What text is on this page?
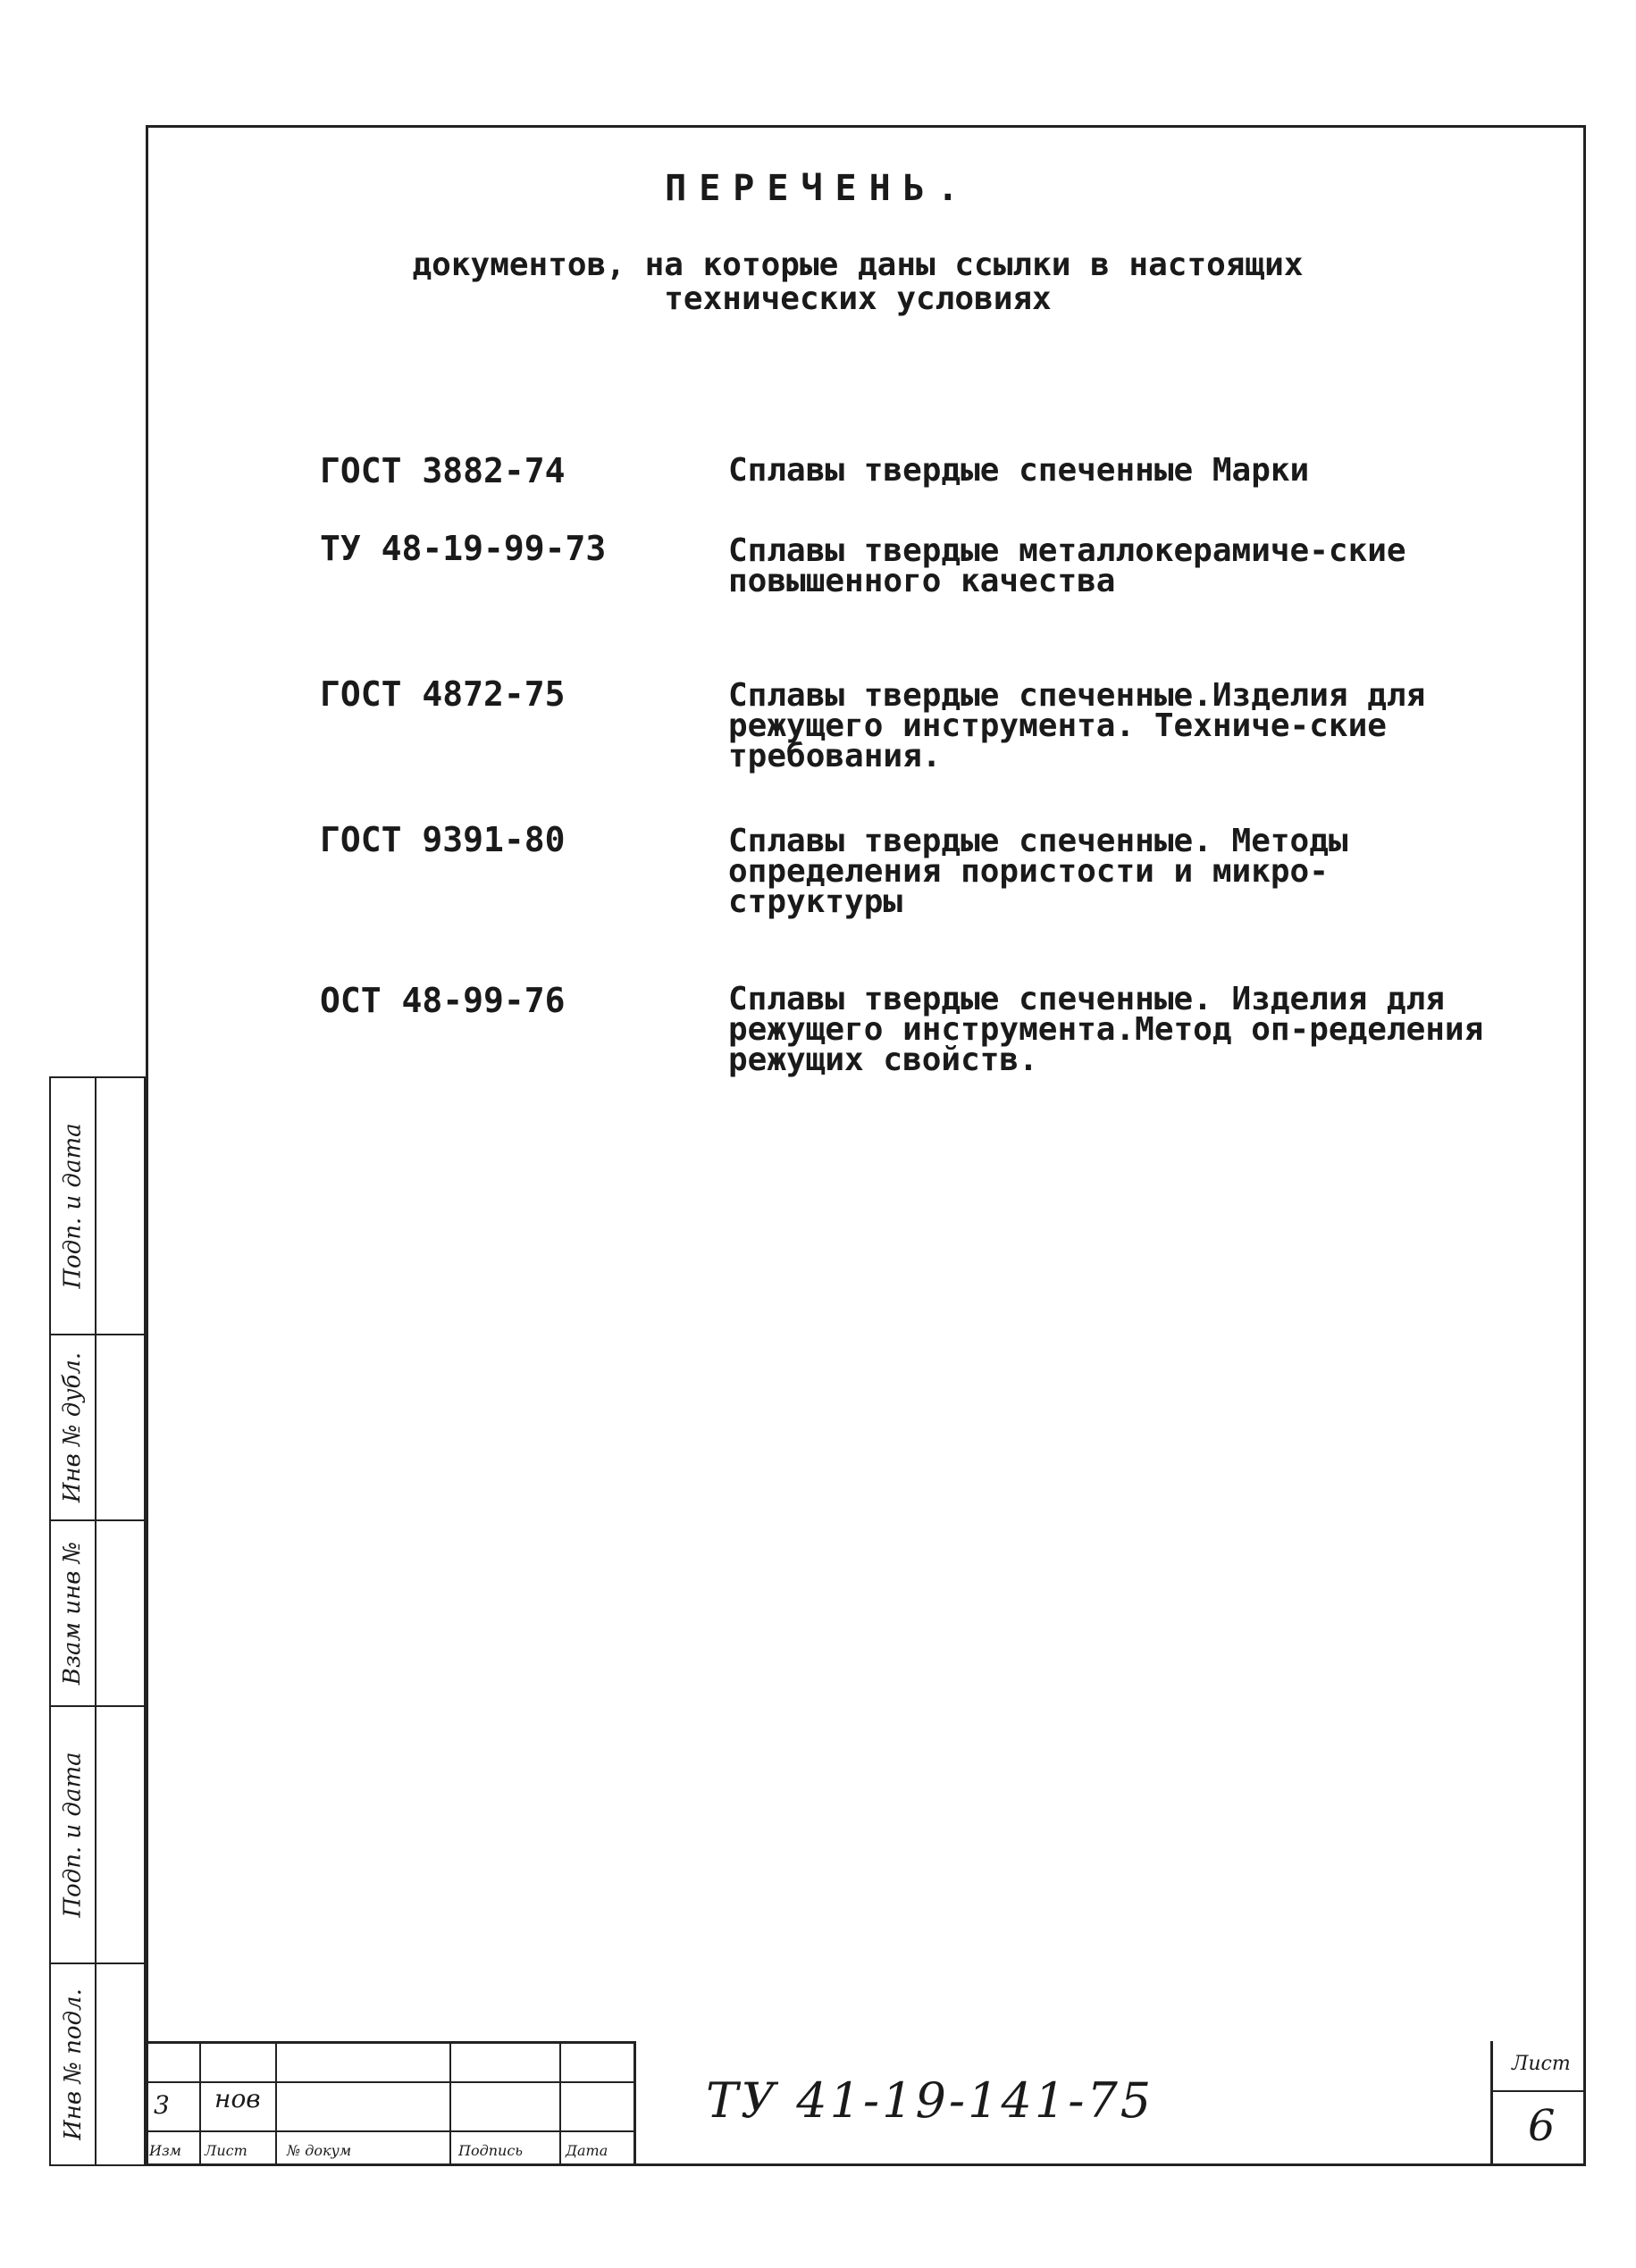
ПЕРЕЧЕНЬ.
документов, на которые даны ссылки в настоящих
технических условиях
ГОСТ 3882-74	Сплавы твердые спеченные Марки
ТУ 48-19-99-73	Сплавы твердые металлокерамиче-ские повышенного качества
ГОСТ 4872-75	Сплавы твердые спеченные.Изделия для режущего инструмента. Техниче-ские требования.
ГОСТ 9391-80	Сплавы твердые спеченные. Методы определения пористости и микро-структуры
ОСТ 48-99-76	Сплавы твердые спеченные. Изделия для режущего инструмента.Метод оп-ределения режущих свойств.
Подп. и дата
Инв № дубл.
Взам инв №
Подп. и дата
Инв № подл.
Изм Лист	№ докум	Подпись	Дата
3 нов	ТУ 41-19-141-75
Лист
6
